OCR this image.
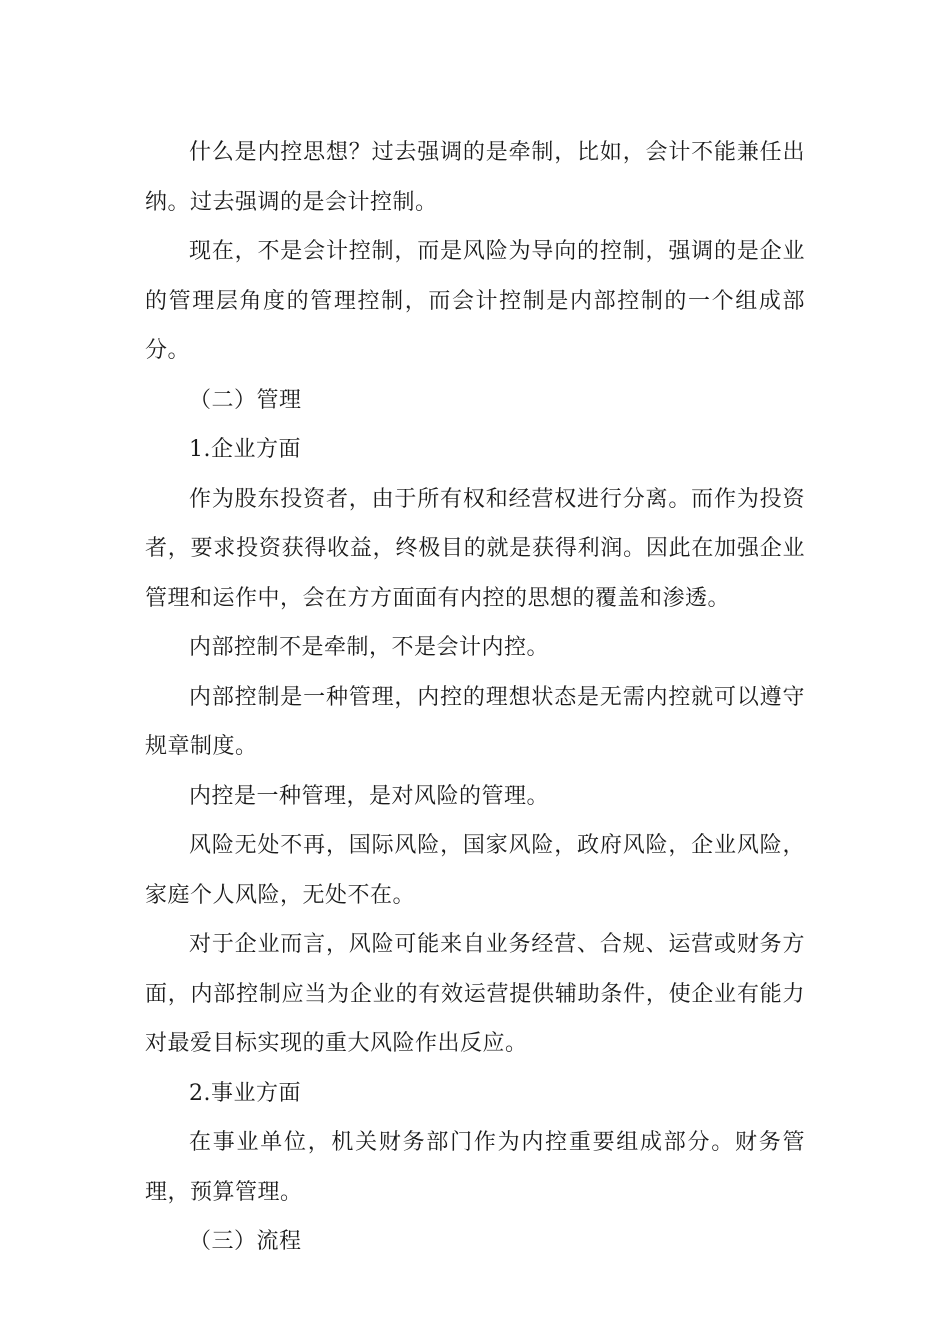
什么是内控思想？过去强调的是牵制，比如，会计不能兼任出纳。过去强调的是会计控制。

现在，不是会计控制，而是风险为导向的控制，强调的是企业的管理层角度的管理控制，而会计控制是内部控制的一个组成部分。

（二）管理

1.企业方面

作为股东投资者，由于所有权和经营权进行分离。而作为投资者，要求投资获得收益，终极目的就是获得利润。因此在加强企业管理和运作中，会在方方面面有内控的思想的覆盖和渗透。

内部控制不是牵制，不是会计内控。

内部控制是一种管理，内控的理想状态是无需内控就可以遵守规章制度。

内控是一种管理，是对风险的管理。

风险无处不再，国际风险，国家风险，政府风险，企业风险，家庭个人风险，无处不在。

对于企业而言，风险可能来自业务经营、合规、运营或财务方面，内部控制应当为企业的有效运营提供辅助条件，使企业有能力对最爱目标实现的重大风险作出反应。

2.事业方面

在事业单位，机关财务部门作为内控重要组成部分。财务管理，预算管理。

（三）流程
